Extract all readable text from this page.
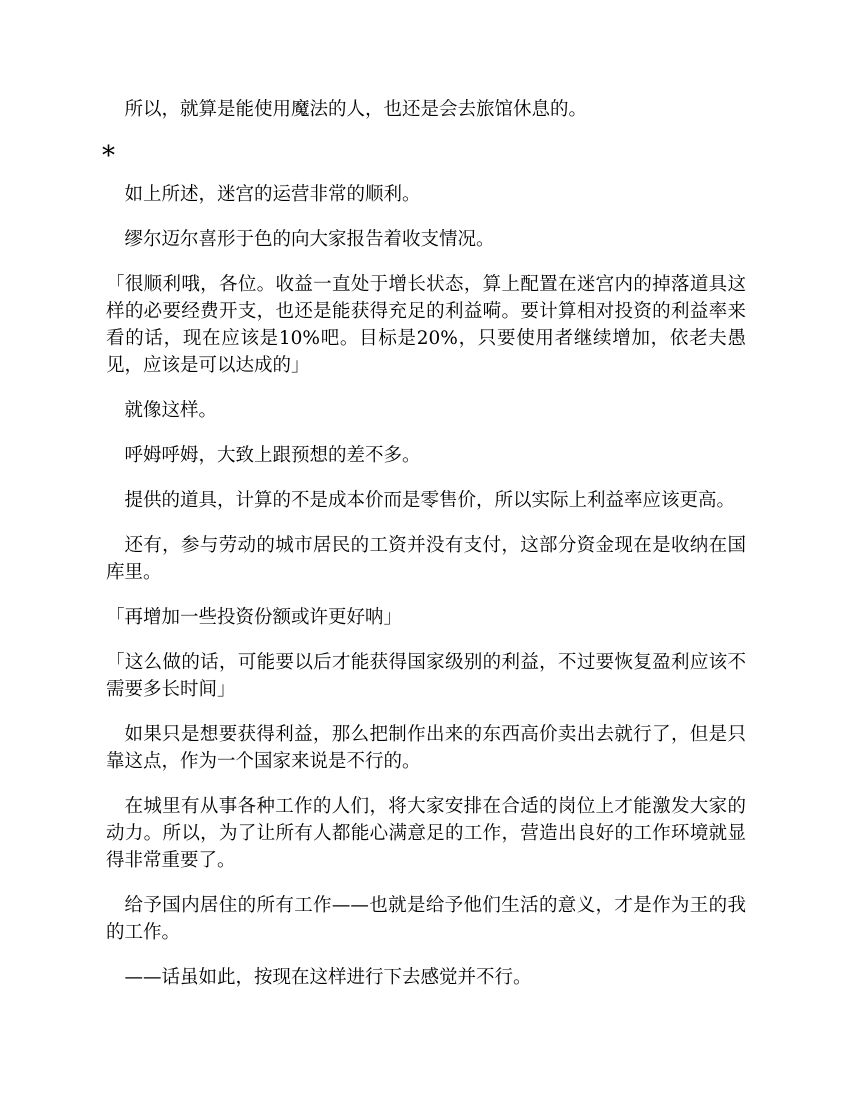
所以，就算是能使用魔法的人，也还是会去旅馆休息的。

*

如上所述，迷宫的运营非常的顺利。

缪尔迈尔喜形于色的向大家报告着收支情况。

「很顺利哦，各位。收益一直处于增长状态，算上配置在迷宫内的掉落道具这样的必要经费开支，也还是能获得充足的利益嗬。要计算相对投资的利益率来看的话，现在应该是10%吧。目标是20%，只要使用者继续增加，依老夫愚见，应该是可以达成的」

就像这样。

呼姆呼姆，大致上跟预想的差不多。

提供的道具，计算的不是成本价而是零售价，所以实际上利益率应该更高。

还有，参与劳动的城市居民的工资并没有支付，这部分资金现在是收纳在国库里。

「再增加一些投资份额或许更好呐」

「这么做的话，可能要以后才能获得国家级别的利益，不过要恢复盈利应该不需要多长时间」

如果只是想要获得利益，那么把制作出来的东西高价卖出去就行了，但是只靠这点，作为一个国家来说是不行的。

在城里有从事各种工作的人们，将大家安排在合适的岗位上才能激发大家的动力。所以，为了让所有人都能心满意足的工作，营造出良好的工作环境就显得非常重要了。

给予国内居住的所有工作——也就是给予他们生活的意义，才是作为王的我的工作。

——话虽如此，按现在这样进行下去感觉并不行。
